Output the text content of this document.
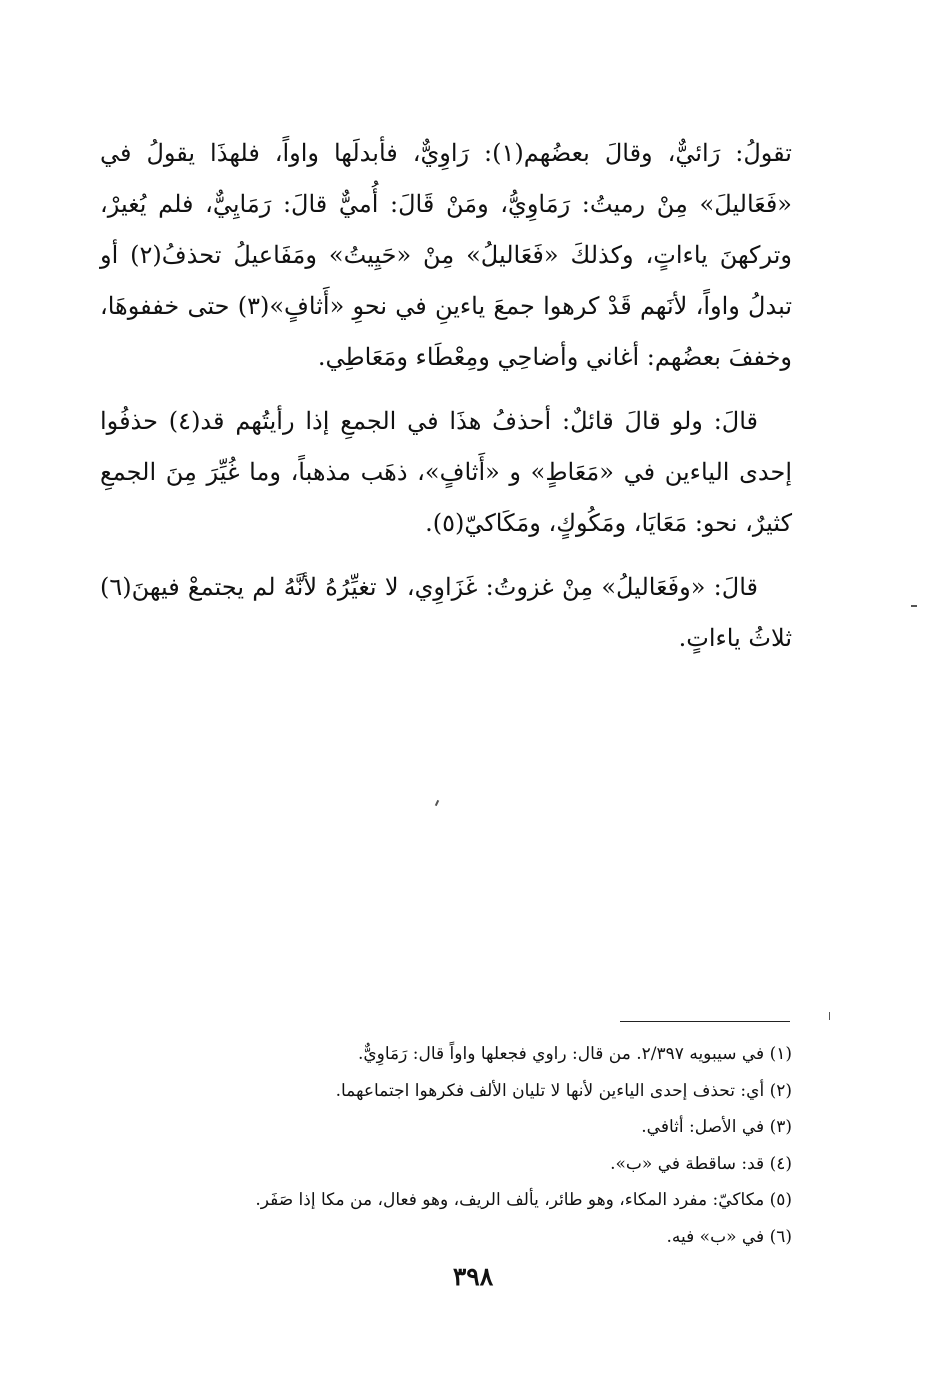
تقولُ: رَائيٌّ، وقالَ بعضُهم(١): رَاوِيٌّ، فأبدلَها واواً، فلهذَا يقولُ في «فَعَاليلَ» مِنْ رميتُ: رَمَاوِيُّ، ومَنْ قَالَ: أُميٌّ قالَ: رَمَايِيٌّ، فلم يُغيرْ، وتركهنَ ياءاتٍ، وكذلكَ «فَعَاليلُ» مِنْ «حَيِيتُ» ومَفَاعيلُ تحذفُ(٢) أو تبدلُ واواً، لأنَهم قَدْ كرهوا جمعَ ياءينِ في نحوِ «أَثافٍ»(٣) حتى خففوهَا، وخففَ بعضُهم: أغاني وأضاحِي ومِعْطَاء ومَعَاطِي.

قالَ: ولو قالَ قائلٌ: أحذفُ هذَا في الجمعِ إذا رأيتُهم قد(٤) حذفُوا إحدى الياءين في «مَعَاطٍ» و «أَثافٍ»، ذهَب مذهباً، وما غُيِّرَ مِنَ الجمعِ كثيرٌ، نحو: مَعَايَا، ومَكُوكٍ، ومَكَاكيّ(٥).

قالَ: «وفَعَاليلُ» مِنْ غزوتُ: غَزَاوِي، لا تغيِّرُهُ لأنَّهُ لم يجتمعْ فيهنَ(٦) ثلاثُ ياءاتٍ.

(١) في سيبويه ٢/٣٩٧. من قال: راوي فجعلها واواً قال: رَمَاوِيٌّ.

(٢) أي: تحذف إحدى الياءين لأنها لا تليان الألف فكرهوا اجتماعهما.

(٣) في الأصل: أثافي.

(٤) قد: ساقطة في «ب».

(٥) مكاكيّ: مفرد المكاء، وهو طائر، يألف الريف، وهو فعال، من مكا إذا صَفَر.

(٦) في «ب» فيه.

٣٩٨
